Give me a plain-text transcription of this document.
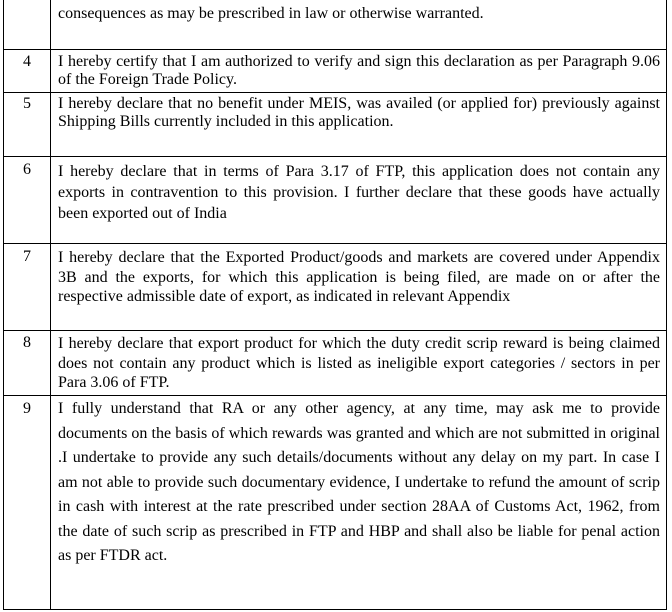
consequences as may be prescribed in law or otherwise warranted.
4	I hereby certify that I am authorized to verify and sign this declaration as per Paragraph 9.06 of the Foreign Trade Policy.
5	I hereby declare that no benefit under MEIS, was availed (or applied for) previously against Shipping Bills currently included in this application.
6	I hereby declare that in terms of Para 3.17 of FTP, this application does not contain any exports in contravention to this provision. I further declare that these goods have actually been exported out of India
7	I hereby declare that the Exported Product/goods and markets are covered under Appendix 3B and the exports, for which this application is being filed, are made on or after the respective admissible date of export, as indicated in relevant Appendix
8	I hereby declare that export product for which the duty credit scrip reward is being claimed does not contain any product which is listed as ineligible export categories / sectors in per Para 3.06 of FTP.
9	I fully understand that RA or any other agency, at any time, may ask me to provide documents on the basis of which rewards was granted and which are not submitted in original .I undertake to provide any such details/documents without any delay on my part. In case I am not able to provide such documentary evidence, I undertake to refund the amount of scrip in cash with interest at the rate prescribed under section 28AA of Customs Act, 1962, from the date of such scrip as prescribed in FTP and HBP and shall also be liable for penal action as per FTDR act.
